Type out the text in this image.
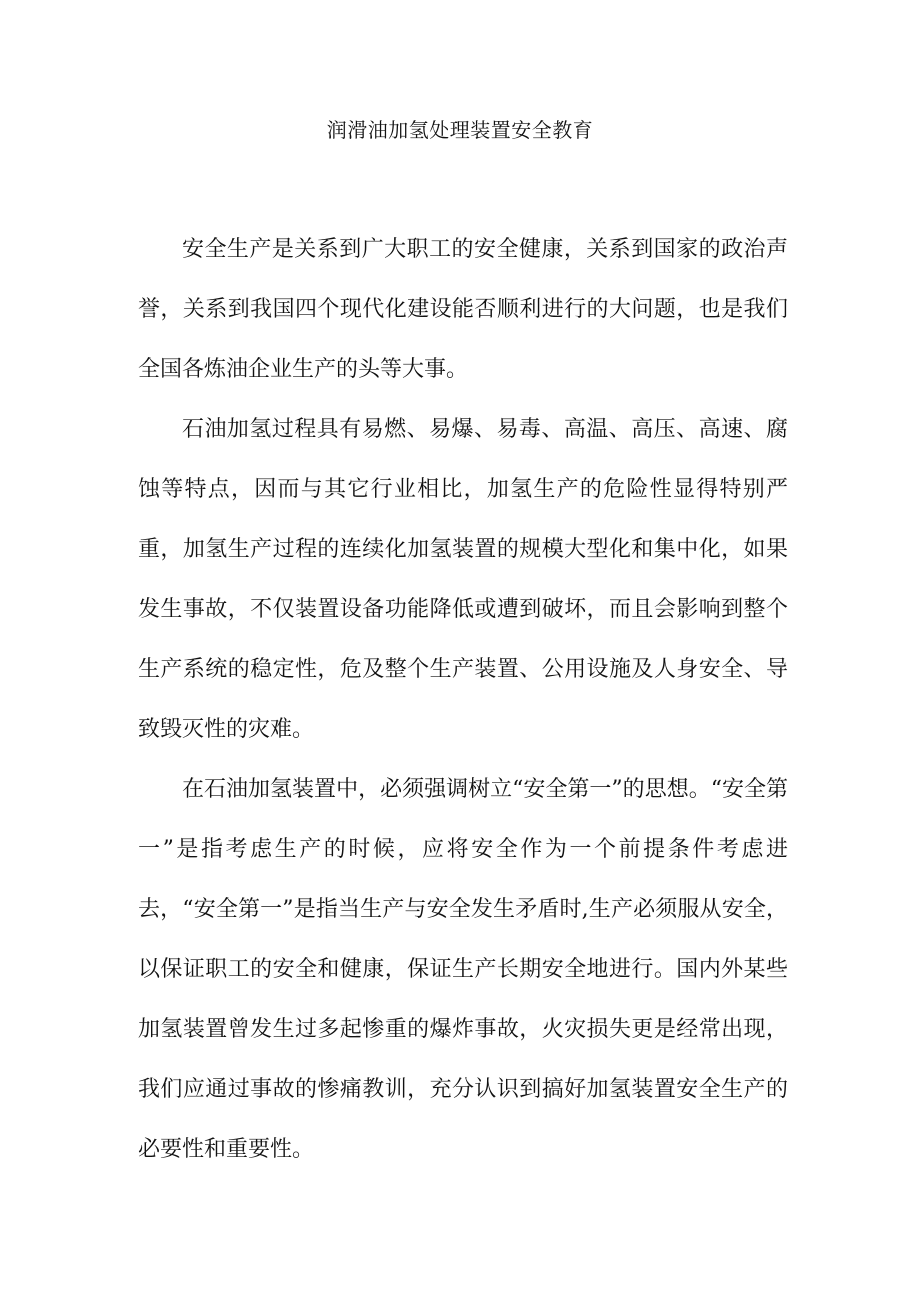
润滑油加氢处理装置安全教育

安全生产是关系到广大职工的安全健康，关系到国家的政治声誉，关系到我国四个现代化建设能否顺利进行的大问题，也是我们全国各炼油企业生产的头等大事。

石油加氢过程具有易燃、易爆、易毒、高温、高压、高速、腐蚀等特点，因而与其它行业相比，加氢生产的危险性显得特别严重，加氢生产过程的连续化加氢装置的规模大型化和集中化，如果发生事故，不仅装置设备功能降低或遭到破坏，而且会影响到整个生产系统的稳定性，危及整个生产装置、公用设施及人身安全、导致毁灭性的灾难。

在石油加氢装置中，必须强调树立“安全第一”的思想。“安全第一”是指考虑生产的时候，应将安全作为一个前提条件考虑进去，“安全第一”是指当生产与安全发生矛盾时,生产必须服从安全，以保证职工的安全和健康，保证生产长期安全地进行。国内外某些加氢装置曾发生过多起惨重的爆炸事故，火灾损失更是经常出现，我们应通过事故的惨痛教训，充分认识到搞好加氢装置安全生产的必要性和重要性。
